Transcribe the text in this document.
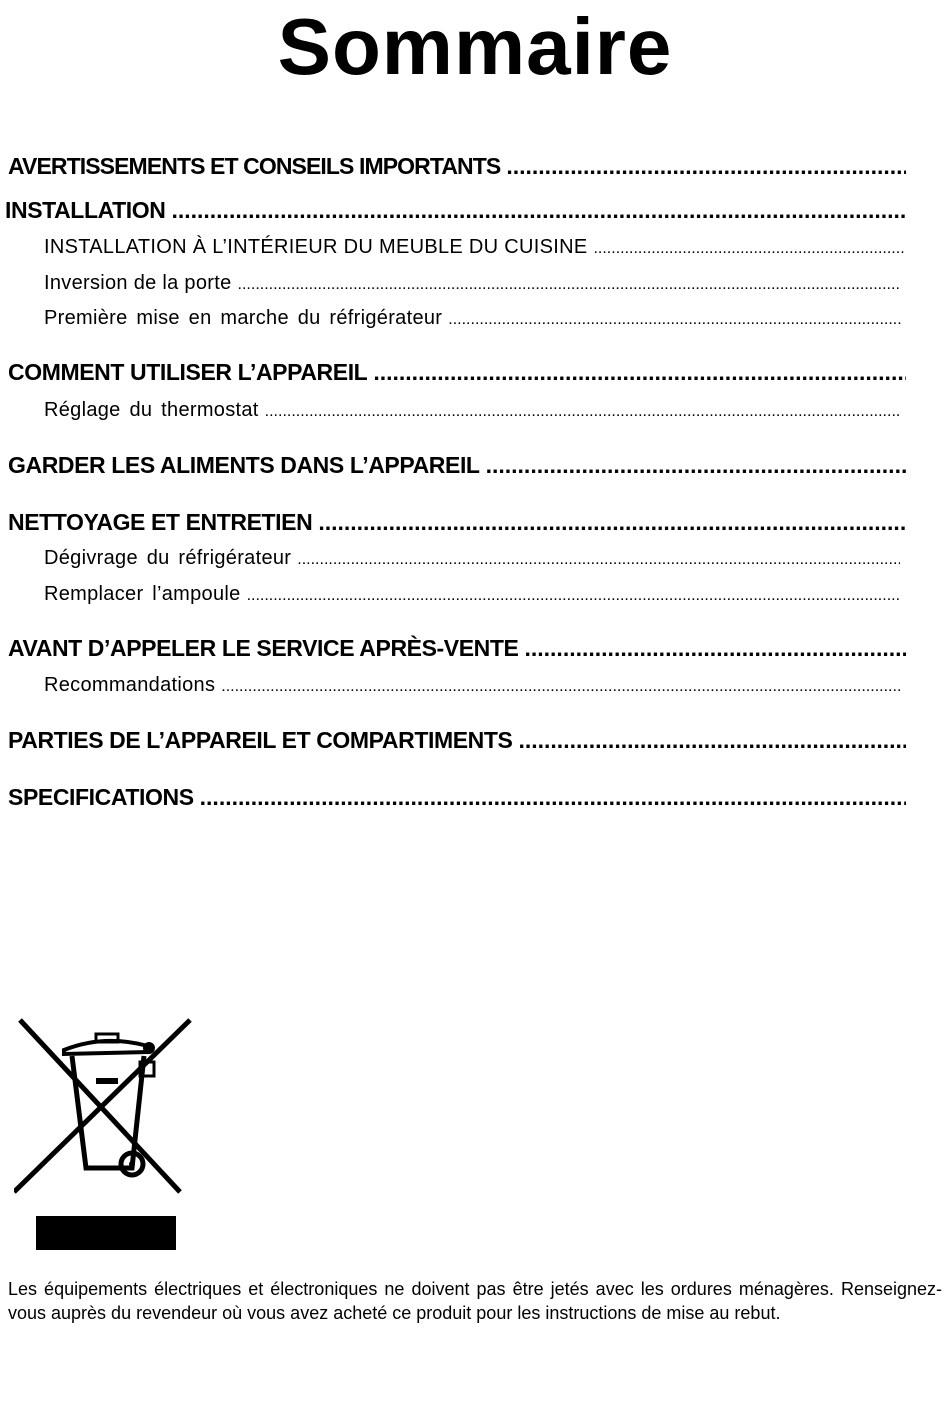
Sommaire
AVERTISSEMENTS ET CONSEILS IMPORTANTS
.....
INSTALLATION
.....
INSTALLATION À L’INTÉRIEUR DU MEUBLE DU CUISINE
.....
Inversion de la porte
.....
Première mise en marche du réfrigérateur
.....
COMMENT UTILISER L’APPAREIL
.....
Réglage du thermostat
.....
GARDER LES ALIMENTS DANS L’APPAREIL
.....
NETTOYAGE ET ENTRETIEN
.....
Dégivrage du réfrigérateur
.....
Remplacer l’ampoule
.....
AVANT D’APPELER LE SERVICE APRÈS-VENTE
.....
Recommandations
.....
PARTIES DE L’APPAREIL ET COMPARTIMENTS
.....
SPECIFICATIONS
.....
Les équipements électriques et électroniques ne doivent pas être jetés avec les ordures ménagères. Renseignez-vous auprès du revendeur où vous avez acheté ce produit pour les instructions de mise au rebut.
